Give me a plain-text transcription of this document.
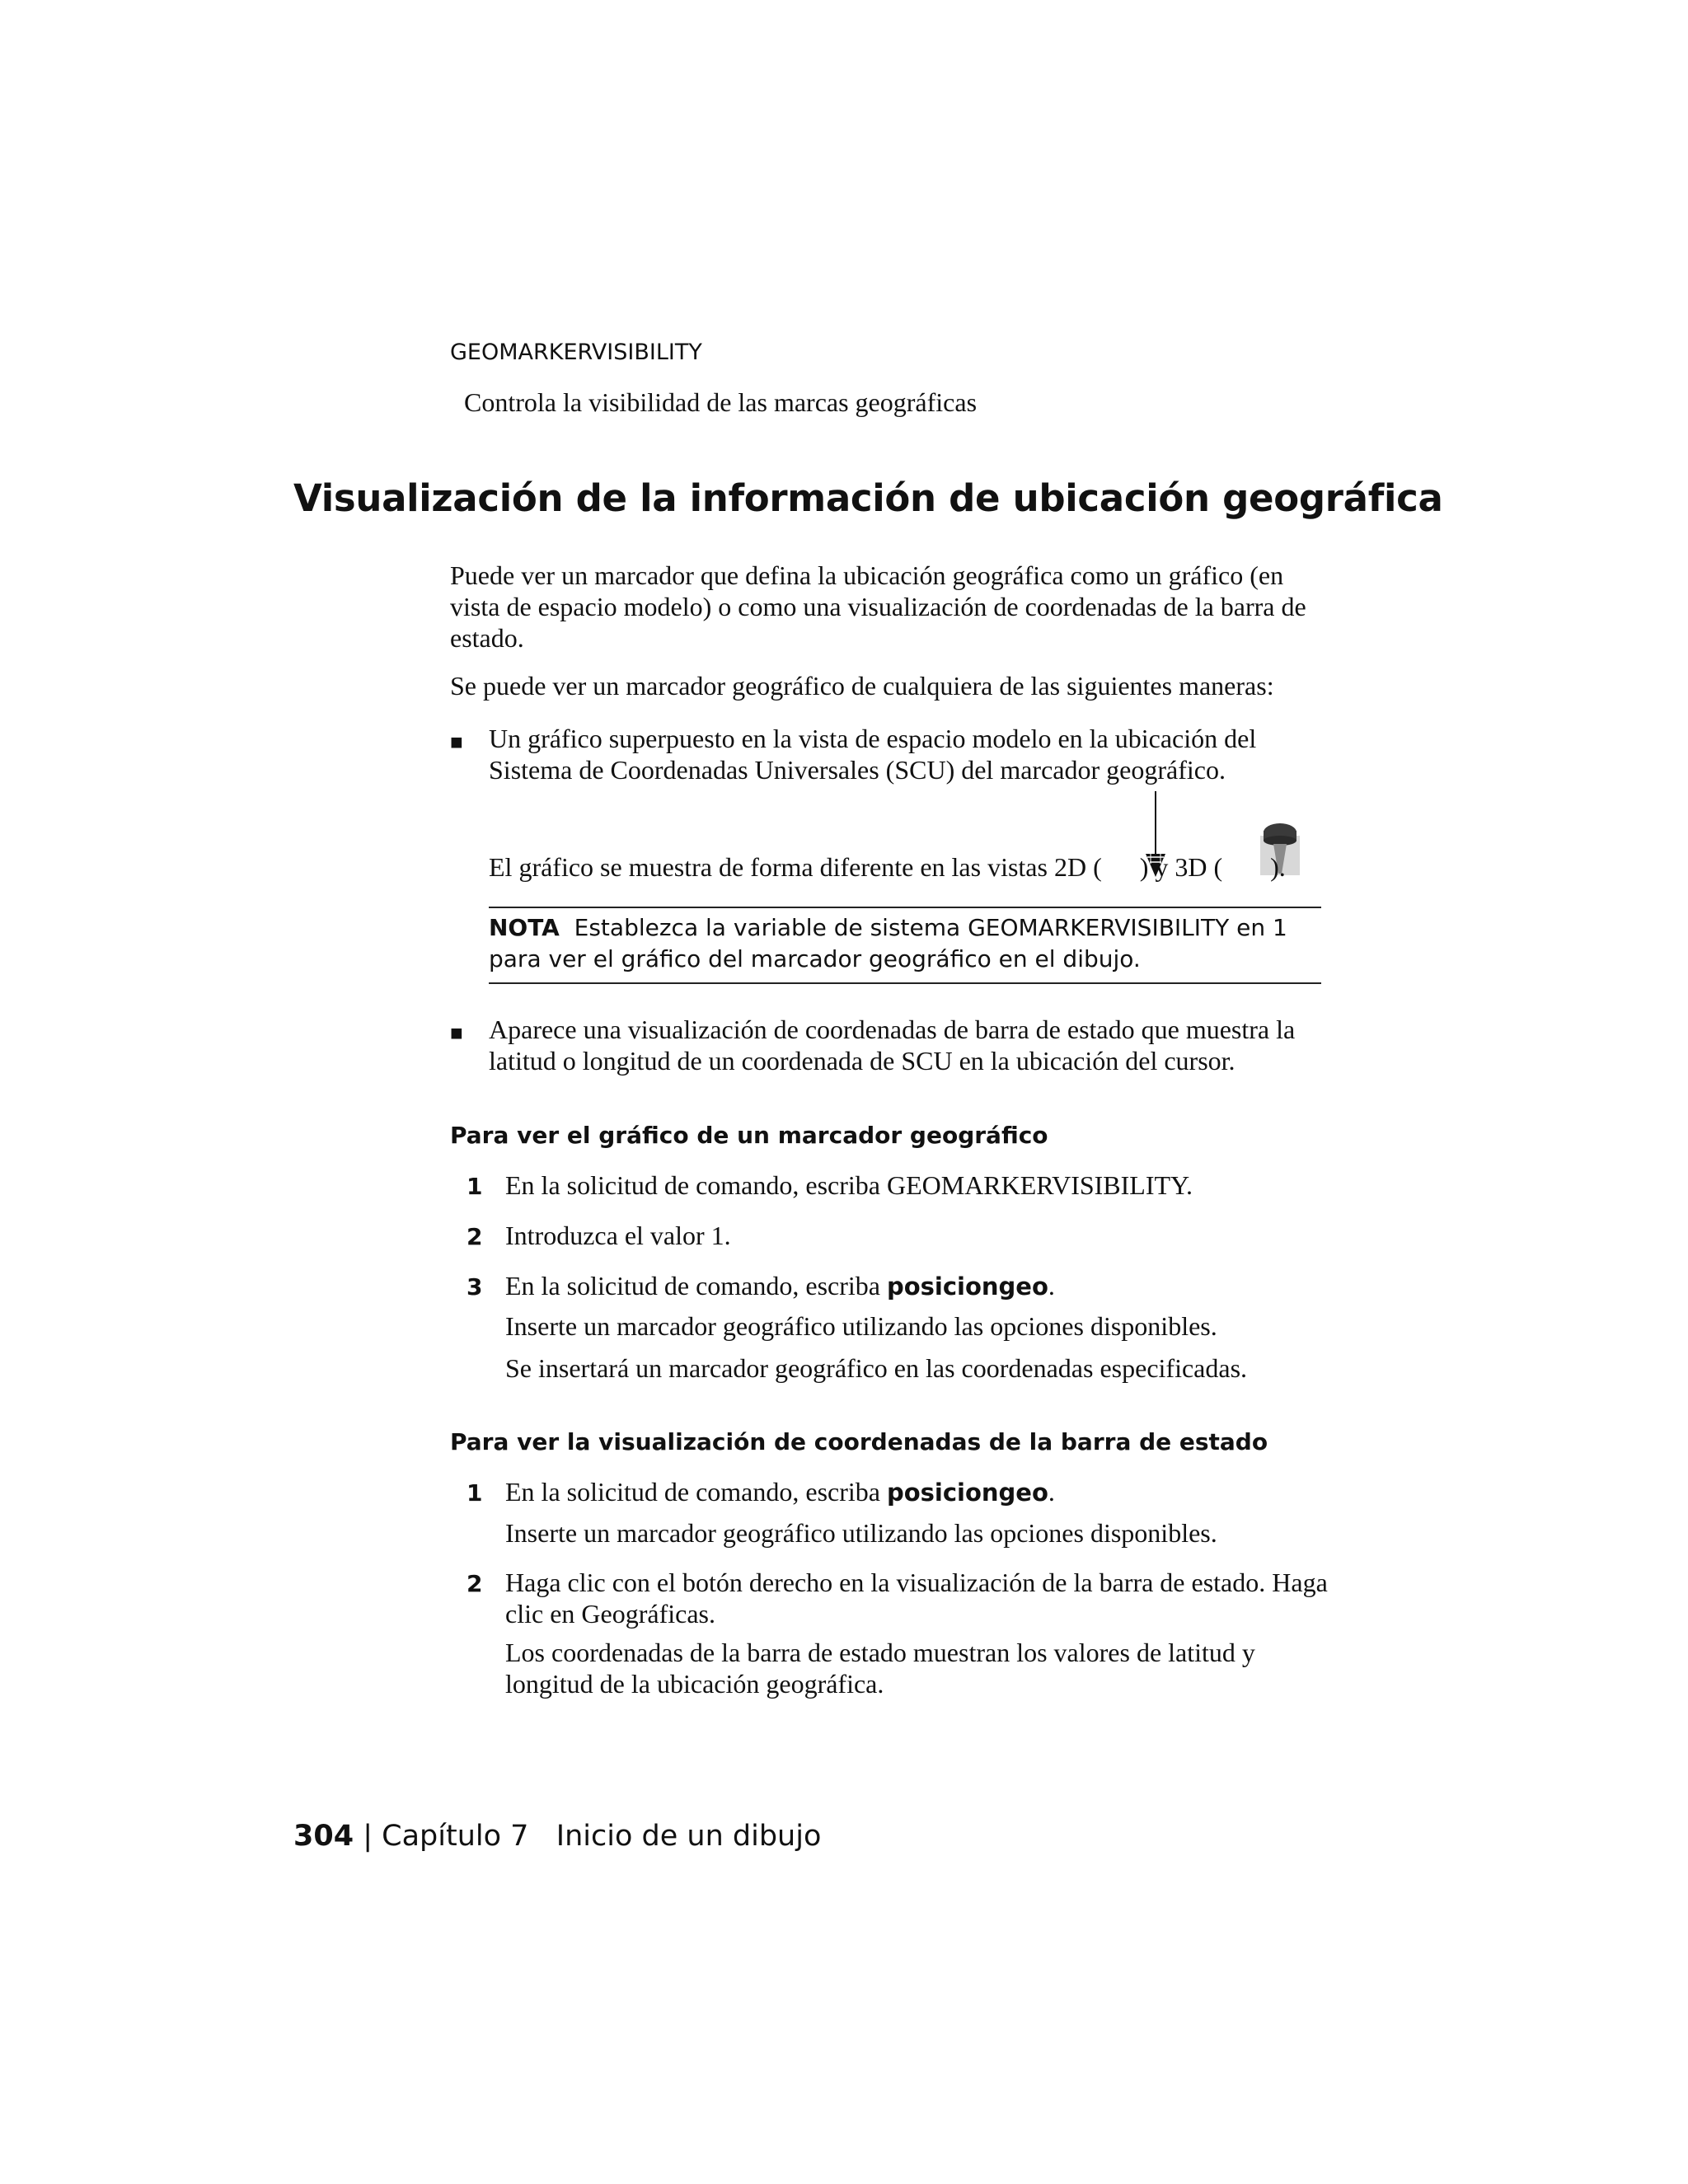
GEOMARKERVISIBILITY
Controla la visibilidad de las marcas geográficas
Visualización de la información de ubicación geográfica
Puede ver un marcador que defina la ubicación geográfica como un gráfico (en vista de espacio modelo) o como una visualización de coordenadas de la barra de estado.
Se puede ver un marcador geográfico de cualquiera de las siguientes maneras:
■ Un gráfico superpuesto en la vista de espacio modelo en la ubicación del Sistema de Coordenadas Universales (SCU) del marcador geográfico.
El gráfico se muestra de forma diferente en las vistas 2D ( ) y 3D ( ).
NOTA Establezca la variable de sistema GEOMARKERVISIBILITY en 1 para ver el gráfico del marcador geográfico en el dibujo.
■ Aparece una visualización de coordenadas de barra de estado que muestra la latitud o longitud de un coordenada de SCU en la ubicación del cursor.
Para ver el gráfico de un marcador geográfico
1 En la solicitud de comando, escriba GEOMARKERVISIBILITY.
2 Introduzca el valor 1.
3 En la solicitud de comando, escriba posiciongeo.
Inserte un marcador geográfico utilizando las opciones disponibles.
Se insertará un marcador geográfico en las coordenadas especificadas.
Para ver la visualización de coordenadas de la barra de estado
1 En la solicitud de comando, escriba posiciongeo.
Inserte un marcador geográfico utilizando las opciones disponibles.
2 Haga clic con el botón derecho en la visualización de la barra de estado. Haga clic en Geográficas.
Los coordenadas de la barra de estado muestran los valores de latitud y longitud de la ubicación geográfica.
304 | Capítulo 7 Inicio de un dibujo
